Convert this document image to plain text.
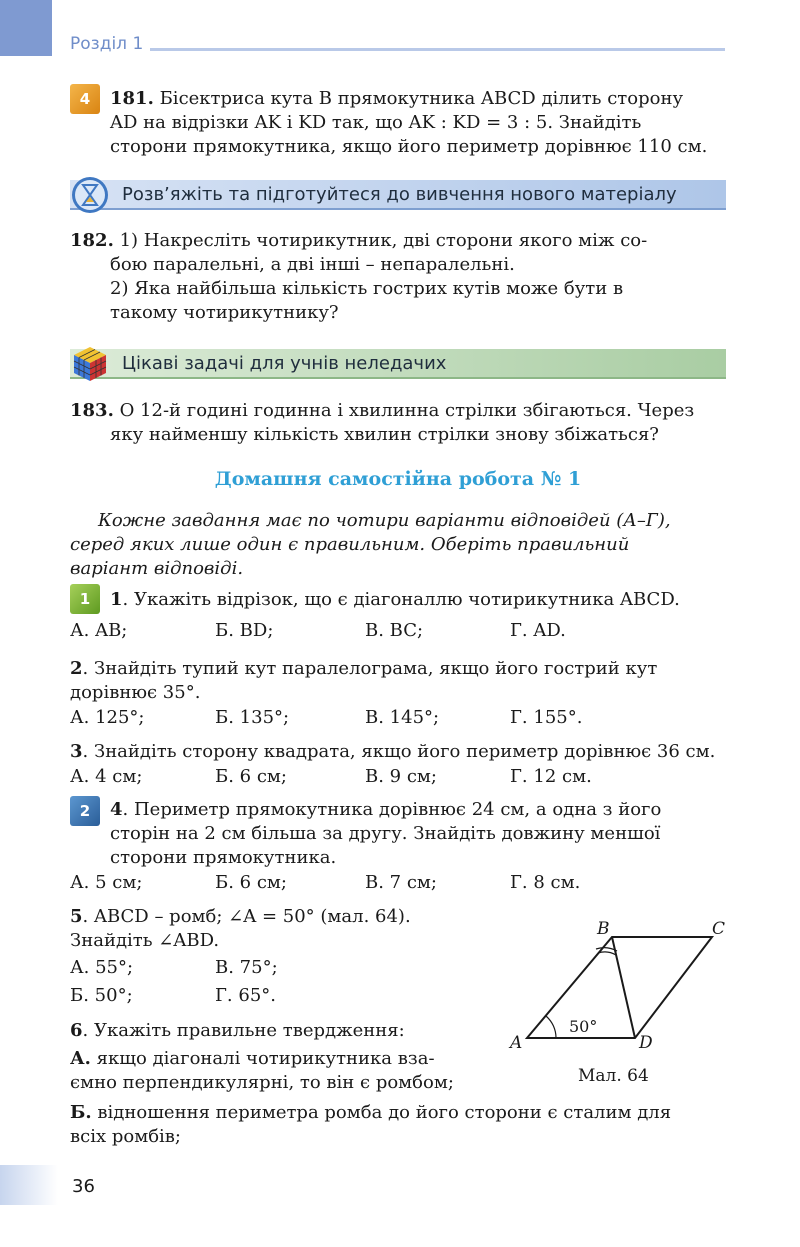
Розділ 1
4	181. Бісектриса кута B прямокутника ABCD ділить сторону
AD на відрізки AK і KD так, що AK : KD = 3 : 5. Знайдіть
сторони прямокутника, якщо його периметр дорівнює 110 см.
Розв’яжіть та підготуйтеся до вивчення нового матеріалу
182. 1) Накресліть чотирикутник, дві сторони якого між со-
бою паралельні, а дві інші – непаралельні.
2) Яка найбільша кількість гострих кутів може бути в
такому чотирикутнику?
Цікаві задачі для учнів неледачих
183. О 12-й годині годинна і хвилинна стрілки збігаються. Через
яку найменшу кількість хвилин стрілки знову збіжаться?
Домашня самостійна робота № 1
Кожне завдання має по чотири варіанти відповідей (А–Г),
серед яких лише один є правильним. Оберіть правильний
варіант відповіді.
1	1. Укажіть відрізок, що є діагоналлю чотирикутника ABCD.
А. AB;	Б. BD;	В. BC;	Г. AD.
2. Знайдіть тупий кут паралелограма, якщо його гострий кут
дорівнює 35°.
А. 125°;	Б. 135°;	В. 145°;	Г. 155°.
3. Знайдіть сторону квадрата, якщо його периметр дорівнює 36 см.
А. 4 см;	Б. 6 см;	В. 9 см;	Г. 12 см.
2	4. Периметр прямокутника дорівнює 24 см, а одна з його
сторін на 2 см більша за другу. Знайдіть довжину меншої
сторони прямокутника.
А. 5 см;	Б. 6 см;	В. 7 см;	Г. 8 см.
5. ABCD – ромб; ∠A = 50° (мал. 64).
Знайдіть ∠ABD.
А. 55°;	В. 75°;
Б. 50°;	Г. 65°.
50°
B	C
A	D
Мал. 64
6. Укажіть правильне твердження:
А. якщо діагоналі чотирикутника вза-
ємно перпендикулярні, то він є ромбом;
Б. відношення периметра ромба до його сторони є сталим для
всіх ромбів;
36
